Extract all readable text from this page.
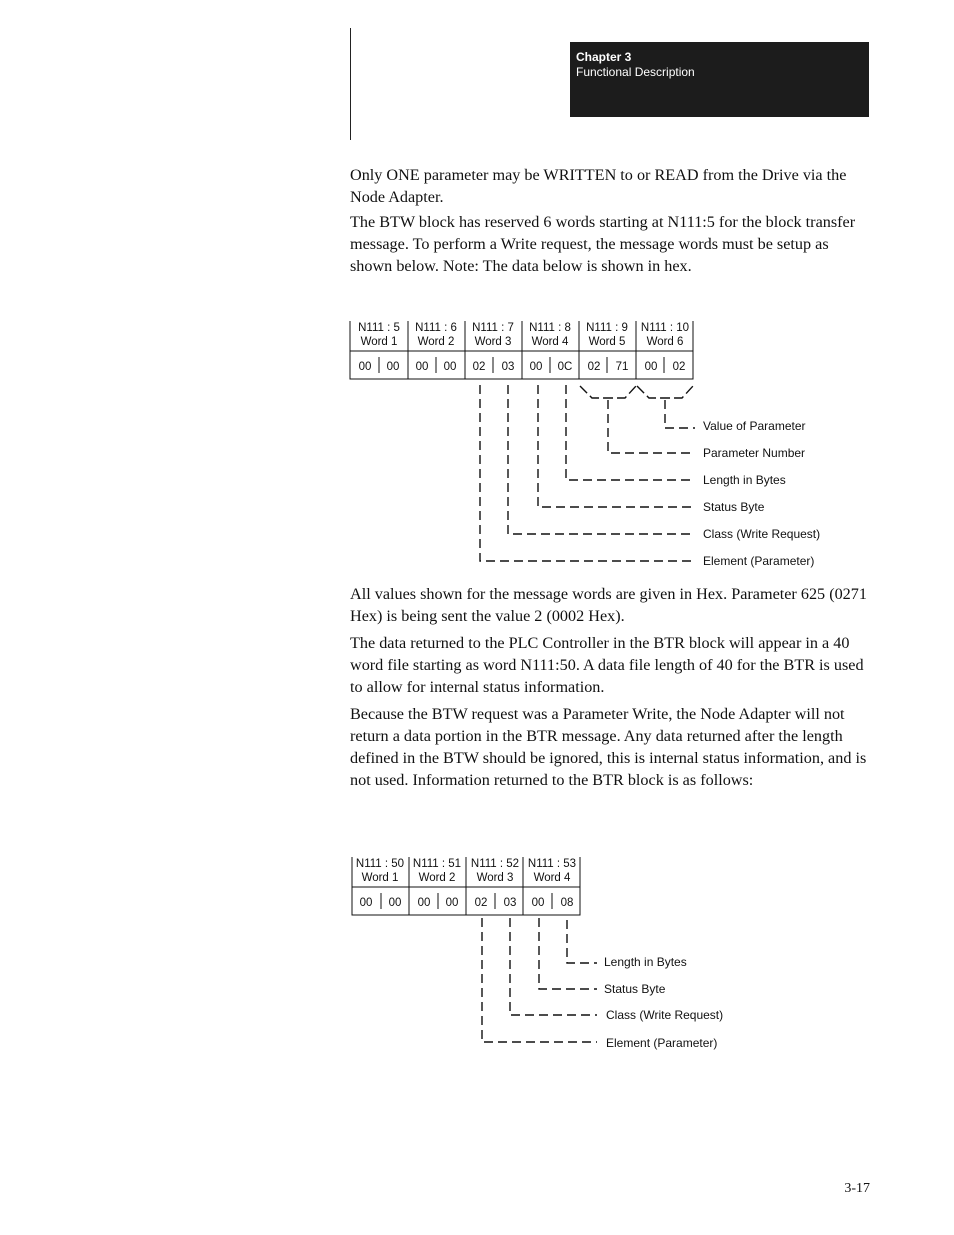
Chapter 3
Functional Description

Only ONE parameter may be WRITTEN to or READ from the Drive via the Node Adapter.

The BTW block has reserved 6 words starting at N111:5 for the block transfer message. To perform a Write request, the message words must be setup as shown below. Note: The data below is shown in hex.

N111 : 5
Word 1
N111 : 6
Word 2
N111 : 7
Word 3
N111 : 8
Word 4
N111 : 9
Word 5
N111 : 10
Word 6
00 00 00 00 02 03 00 0C 02 71 00 02
Value of Parameter
Parameter Number
Length in Bytes
Status Byte
Class (Write Request)
Element (Parameter)

All values shown for the message words are given in Hex. Parameter 625 (0271 Hex) is being sent the value 2 (0002 Hex).

The data returned to the PLC Controller in the BTR block will appear in a 40 word file starting as word N111:50. A data file length of 40 for the BTR is used to allow for internal status information.

Because the BTW request was a Parameter Write, the Node Adapter will not return a data portion in the BTR message. Any data returned after the length defined in the BTW should be ignored, this is internal status information, and is not used. Information returned to the BTR block is as follows:

N111 : 50
Word 1
N111 : 51
Word 2
N111 : 52
Word 3
N111 : 53
Word 4
00 00 00 00 02 03 00 08
Length in Bytes
Status Byte
Class (Write Request)
Element (Parameter)
3-17
